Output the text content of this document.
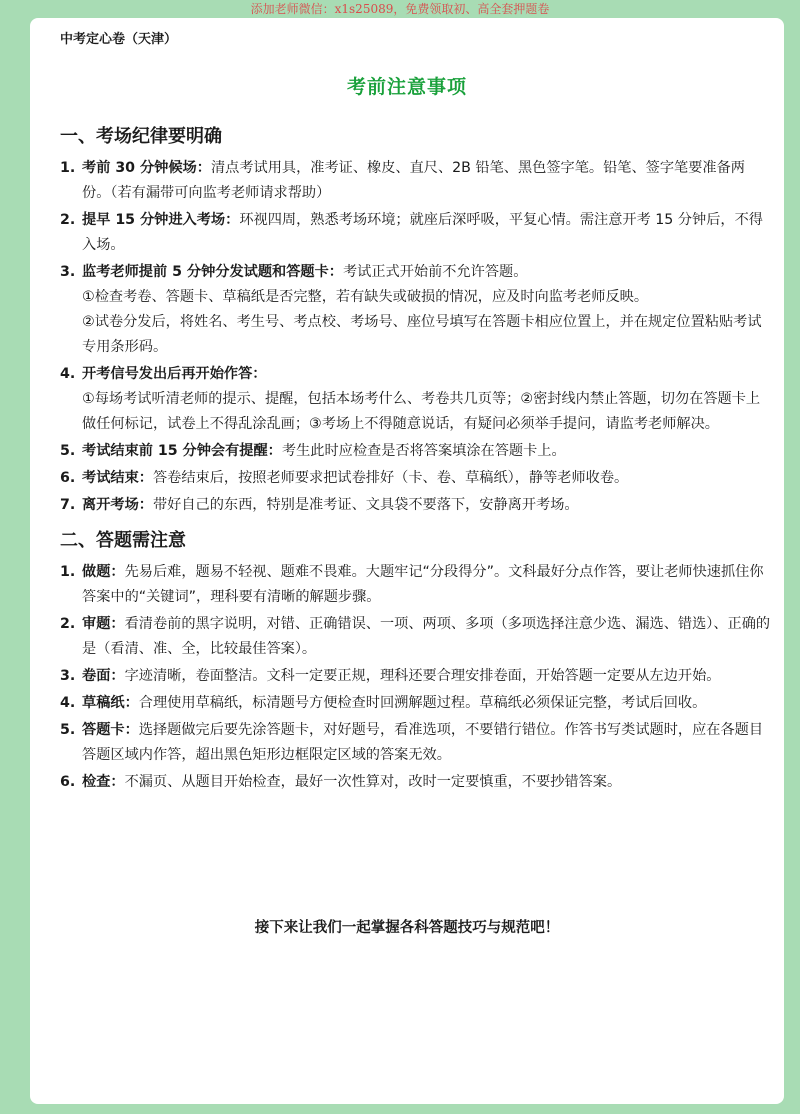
添加老师微信：x1s25089，免费领取初、高全套押题卷
中考定心卷（天津）
考前注意事项
一、考场纪律要明确
1. 考前 30 分钟候场：清点考试用具，准考证、橡皮、直尺、2B 铅笔、黑色签字笔。铅笔、签字笔要准备两份。（若有漏带可向监考老师请求帮助）
2. 提早 15 分钟进入考场：环视四周，熟悉考场环境；就座后深呼吸，平复心情。需注意开考 15 分钟后，不得入场。
3. 监考老师提前 5 分钟分发试题和答题卡：考试正式开始前不允许答题。
①检查考卷、答题卡、草稿纸是否完整，若有缺失或破损的情况，应及时向监考老师反映。
②试卷分发后，将姓名、考生号、考点校、考场号、座位号填写在答题卡相应位置上，并在规定位置粘贴考试专用条形码。
4. 开考信号发出后再开始作答：
①每场考试听清老师的提示、提醒，包括本场考什么、考卷共几页等；②密封线内禁止答题，切勿在答题卡上做任何标记，试卷上不得乱涂乱画；③考场上不得随意说话，有疑问必须举手提问，请监考老师解决。
5. 考试结束前 15 分钟会有提醒：考生此时应检查是否将答案填涂在答题卡上。
6. 考试结束：答卷结束后，按照老师要求把试卷排好（卡、卷、草稿纸），静等老师收卷。
7. 离开考场：带好自己的东西，特别是准考证、文具袋不要落下，安静离开考场。
二、答题需注意
1. 做题：先易后难，题易不轻视、题难不畏难。大题牢记“分段得分”。文科最好分点作答，要让老师快速抓住你答案中的“关键词”，理科要有清晰的解题步骤。
2. 审题：看清卷前的黑字说明，对错、正确错误、一项、两项、多项（多项选择注意少选、漏选、错选）、正确的是（看清、准、全，比较最佳答案）。
3. 卷面：字迹清晰，卷面整洁。文科一定要正规，理科还要合理安排卷面，开始答题一定要从左边开始。
4. 草稿纸：合理使用草稿纸，标清题号方便检查时回溯解题过程。草稿纸必须保证完整，考试后回收。
5. 答题卡：选择题做完后要先涂答题卡，对好题号，看准选项，不要错行错位。作答书写类试题时，应在各题目答题区域内作答，超出黑色矩形边框限定区域的答案无效。
6. 检查：不漏页、从题目开始检查，最好一次性算对，改时一定要慎重，不要抄错答案。
接下来让我们一起掌握各科答题技巧与规范吧！
